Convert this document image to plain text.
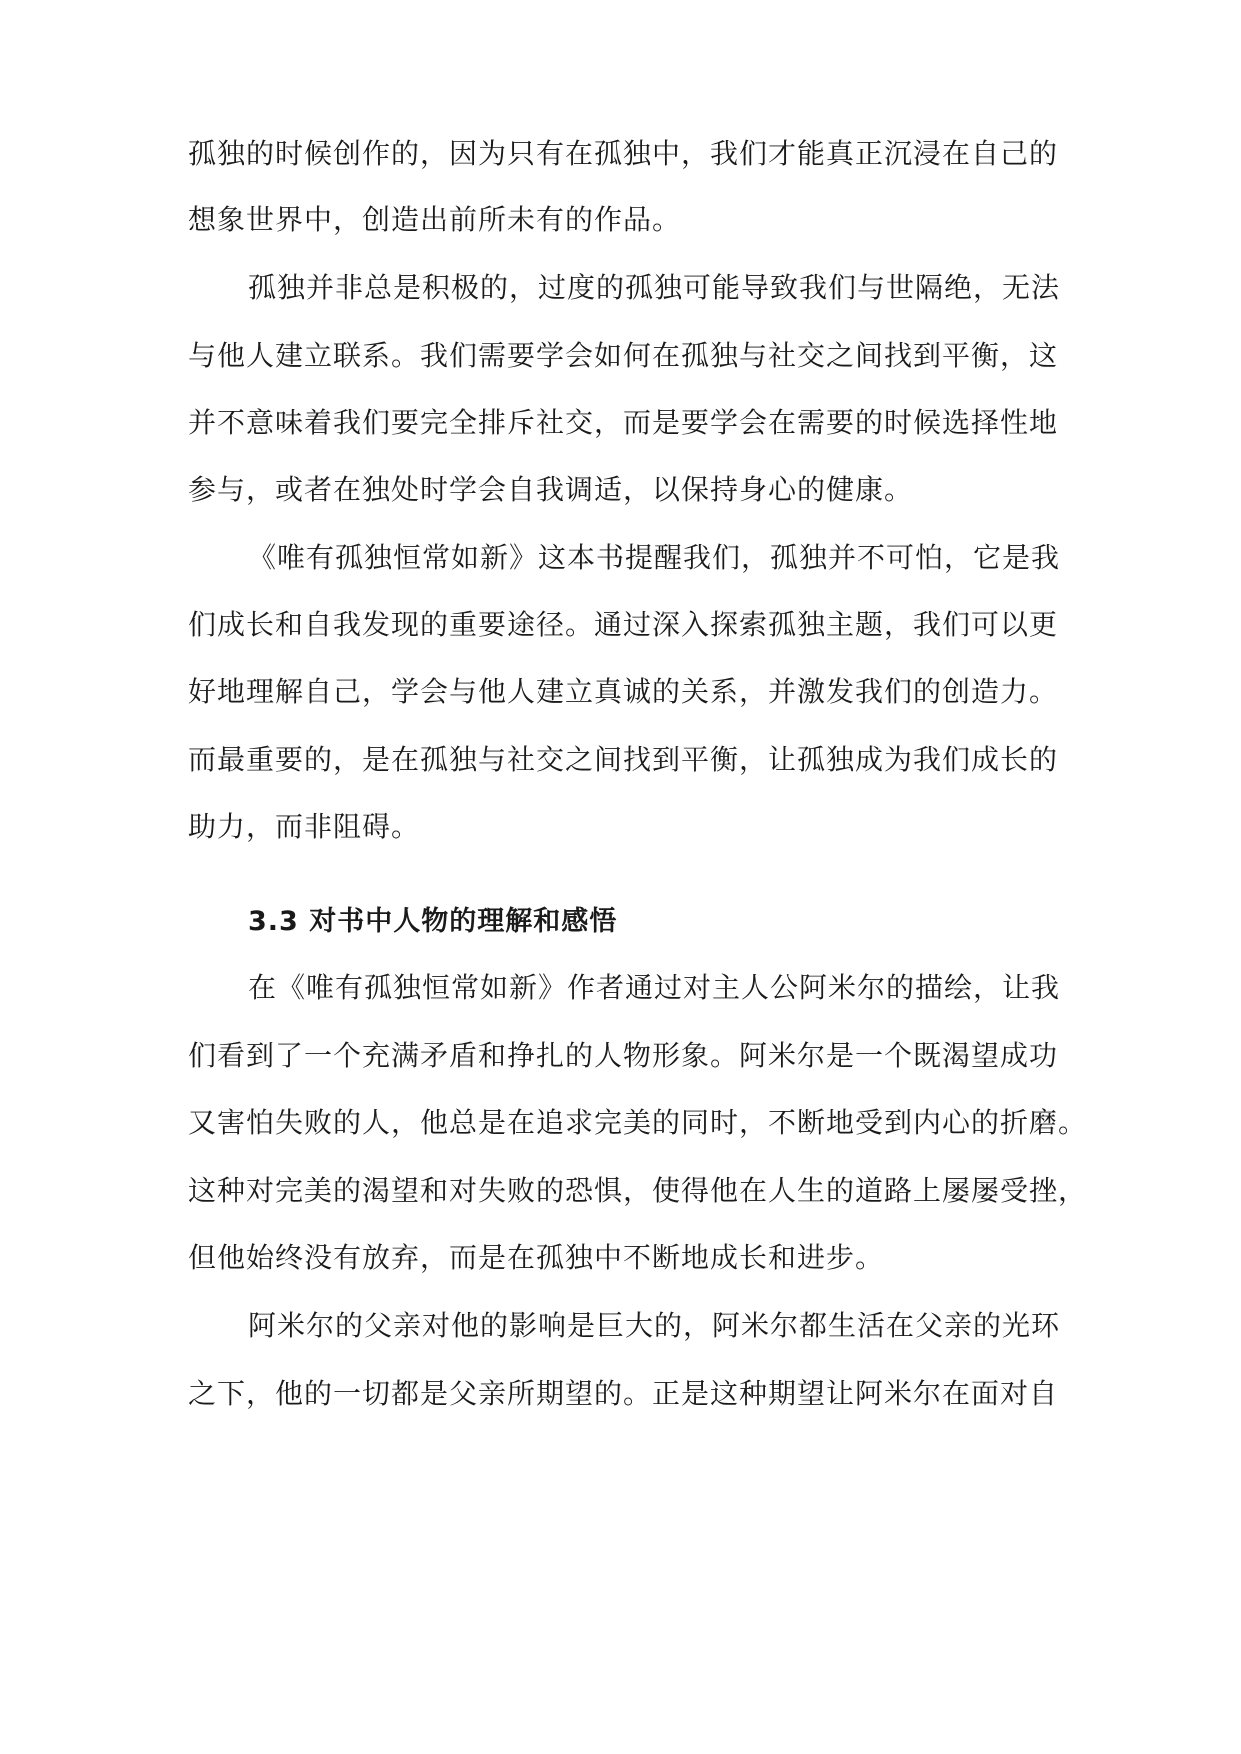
孤独的时候创作的，因为只有在孤独中，我们才能真正沉浸在自己的
想象世界中，创造出前所未有的作品。
孤独并非总是积极的，过度的孤独可能导致我们与世隔绝，无法
与他人建立联系。我们需要学会如何在孤独与社交之间找到平衡，这
并不意味着我们要完全排斥社交，而是要学会在需要的时候选择性地
参与，或者在独处时学会自我调适，以保持身心的健康。
《唯有孤独恒常如新》这本书提醒我们，孤独并不可怕，它是我
们成长和自我发现的重要途径。通过深入探索孤独主题，我们可以更
好地理解自己，学会与他人建立真诚的关系，并激发我们的创造力。
而最重要的，是在孤独与社交之间找到平衡，让孤独成为我们成长的
助力，而非阻碍。
3.3 对书中人物的理解和感悟
在《唯有孤独恒常如新》作者通过对主人公阿米尔的描绘，让我
们看到了一个充满矛盾和挣扎的人物形象。阿米尔是一个既渴望成功
又害怕失败的人，他总是在追求完美的同时，不断地受到内心的折磨。
这种对完美的渴望和对失败的恐惧，使得他在人生的道路上屡屡受挫，
但他始终没有放弃，而是在孤独中不断地成长和进步。
阿米尔的父亲对他的影响是巨大的，阿米尔都生活在父亲的光环
之下，他的一切都是父亲所期望的。正是这种期望让阿米尔在面对自
